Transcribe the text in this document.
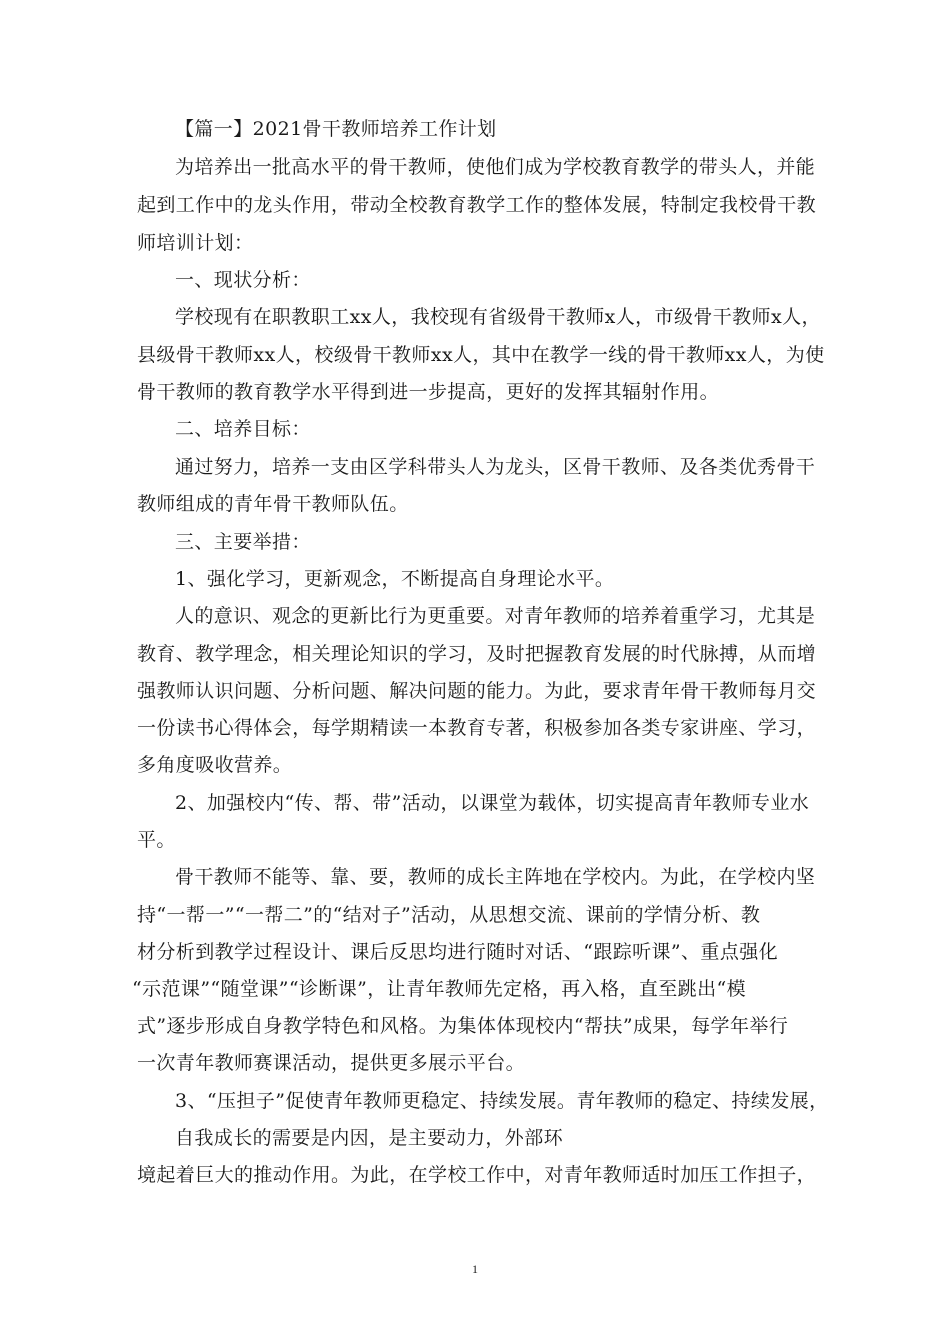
【篇一】2021骨干教师培养工作计划
为培养出一批高水平的骨干教师，使他们成为学校教育教学的带头人，并能
起到工作中的龙头作用，带动全校教育教学工作的整体发展，特制定我校骨干教
师培训计划：
一、现状分析：
学校现有在职教职工xx人，我校现有省级骨干教师x人，市级骨干教师x人，
县级骨干教师xx人，校级骨干教师xx人，其中在教学一线的骨干教师xx人，为使
骨干教师的教育教学水平得到进一步提高，更好的发挥其辐射作用。
二、培养目标：
通过努力，培养一支由区学科带头人为龙头，区骨干教师、及各类优秀骨干
教师组成的青年骨干教师队伍。
三、主要举措：
1、强化学习，更新观念，不断提高自身理论水平。
人的意识、观念的更新比行为更重要。对青年教师的培养着重学习，尤其是
教育、教学理念，相关理论知识的学习，及时把握教育发展的时代脉搏，从而增
强教师认识问题、分析问题、解决问题的能力。为此，要求青年骨干教师每月交
一份读书心得体会，每学期精读一本教育专著，积极参加各类专家讲座、学习，
多角度吸收营养。
2、加强校内“传、帮、带”活动，以课堂为载体，切实提高青年教师专业水
平。
骨干教师不能等、靠、要，教师的成长主阵地在学校内。为此，在学校内坚
持“一帮一”“一帮二”的“结对子”活动，从思想交流、课前的学情分析、教
材分析到教学过程设计、课后反思均进行随时对话、“跟踪听课”、重点强化
“示范课”“随堂课”“诊断课”，让青年教师先定格，再入格，直至跳出“模
式”逐步形成自身教学特色和风格。为集体体现校内“帮扶”成果，每学年举行
一次青年教师赛课活动，提供更多展示平台。
3、“压担子”促使青年教师更稳定、持续发展。青年教师的稳定、持续发展，
自我成长的需要是内因，是主要动力，外部环
境起着巨大的推动作用。为此，在学校工作中，对青年教师适时加压工作担子，
1
